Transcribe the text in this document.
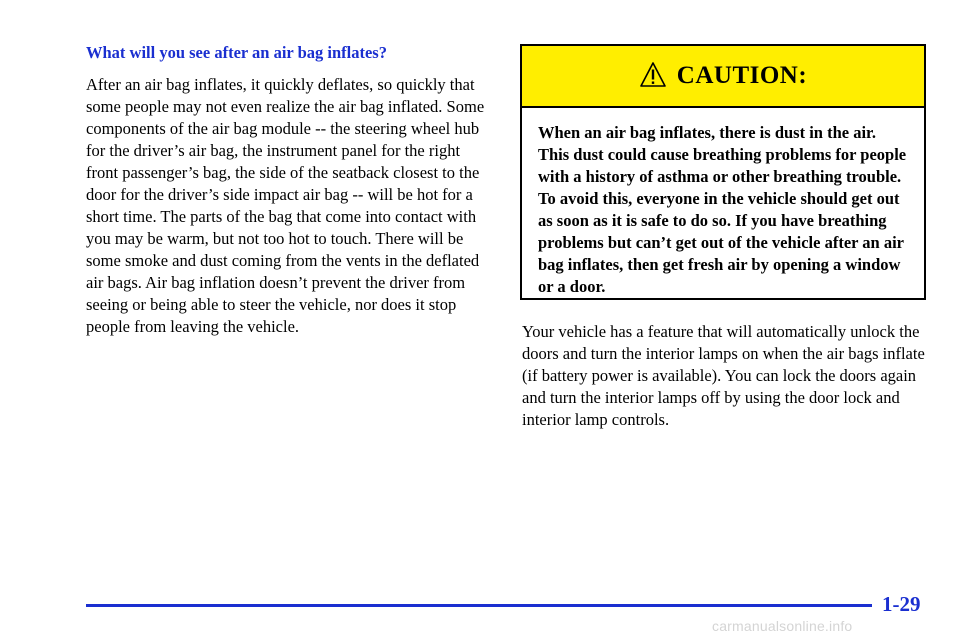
What will you see after an air bag inflates?

After an air bag inflates, it quickly deflates, so quickly that some people may not even realize the air bag inflated. Some components of the air bag module -- the steering wheel hub for the driver’s air bag, the instrument panel for the right front passenger’s bag, the side of the seatback closest to the door for the driver’s side impact air bag -- will be hot for a short time. The parts of the bag that come into contact with you may be warm, but not too hot to touch. There will be some smoke and dust coming from the vents in the deflated air bags. Air bag inflation doesn’t prevent the driver from seeing or being able to steer the vehicle, nor does it stop people from leaving the vehicle.

CAUTION:
When an air bag inflates, there is dust in the air. This dust could cause breathing problems for people with a history of asthma or other breathing trouble. To avoid this, everyone in the vehicle should get out as soon as it is safe to do so. If you have breathing problems but can’t get out of the vehicle after an air bag inflates, then get fresh air by opening a window or a door.

Your vehicle has a feature that will automatically unlock the doors and turn the interior lamps on when the air bags inflate (if battery power is available). You can lock the doors again and turn the interior lamps off by using the door lock and interior lamp controls.

1-29
carmanualsonline.info
